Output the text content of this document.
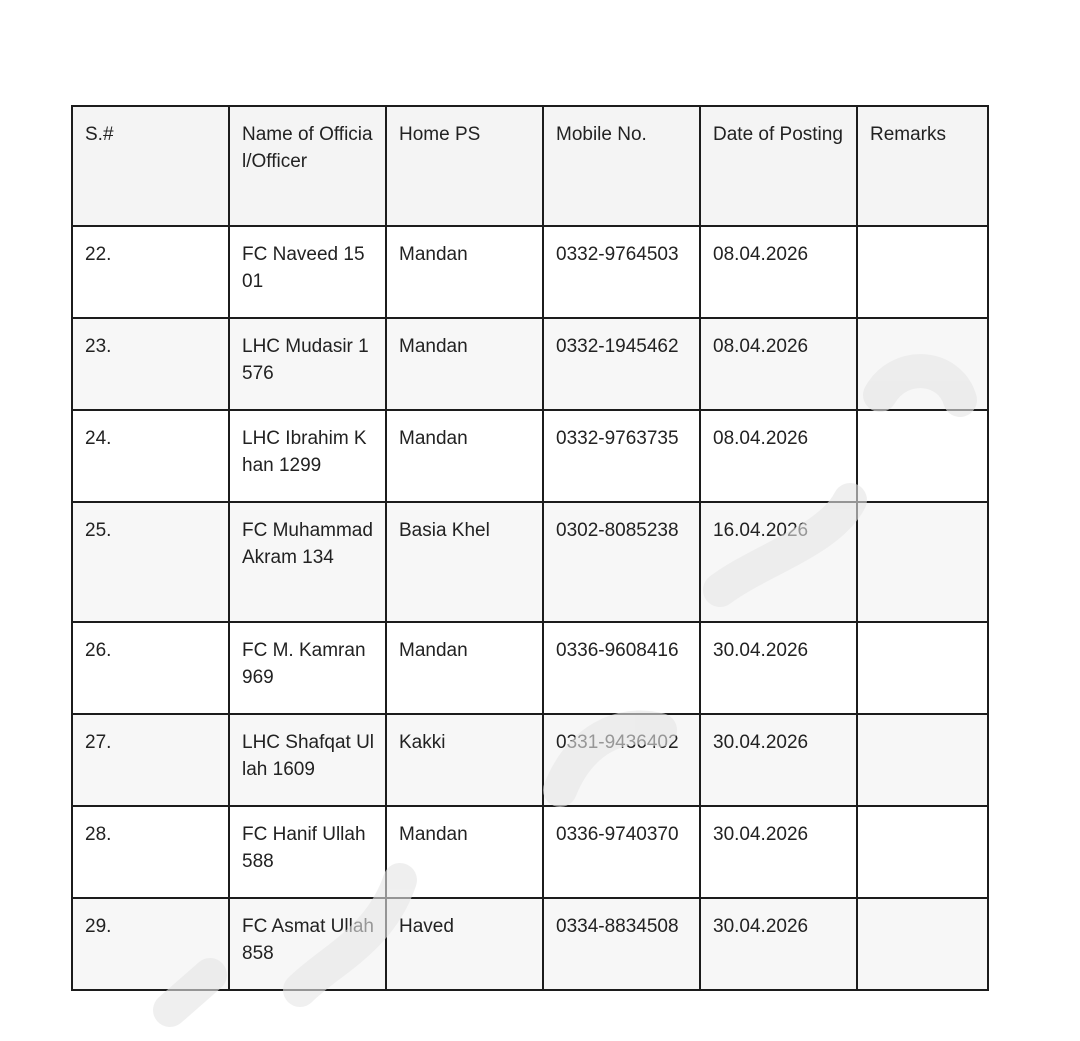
S.#	Name of Official/Officer	Home PS	Mobile No.	Date of Posting	Remarks
22.	FC Naveed 1501	Mandan	0332-9764503	08.04.2026	
23.	LHC Mudasir 1576	Mandan	0332-1945462	08.04.2026	
24.	LHC Ibrahim Khan 1299	Mandan	0332-9763735	08.04.2026	
25.	FC Muhammad Akram 134	Basia Khel	0302-8085238	16.04.2026	
26.	FC M. Kamran 969	Mandan	0336-9608416	30.04.2026	
27.	LHC Shafqat Ullah 1609	Kakki	0331-9436402	30.04.2026	
28.	FC Hanif Ullah 588	Mandan	0336-9740370	30.04.2026	
29.	FC Asmat Ullah 858	Haved	0334-8834508	30.04.2026	
